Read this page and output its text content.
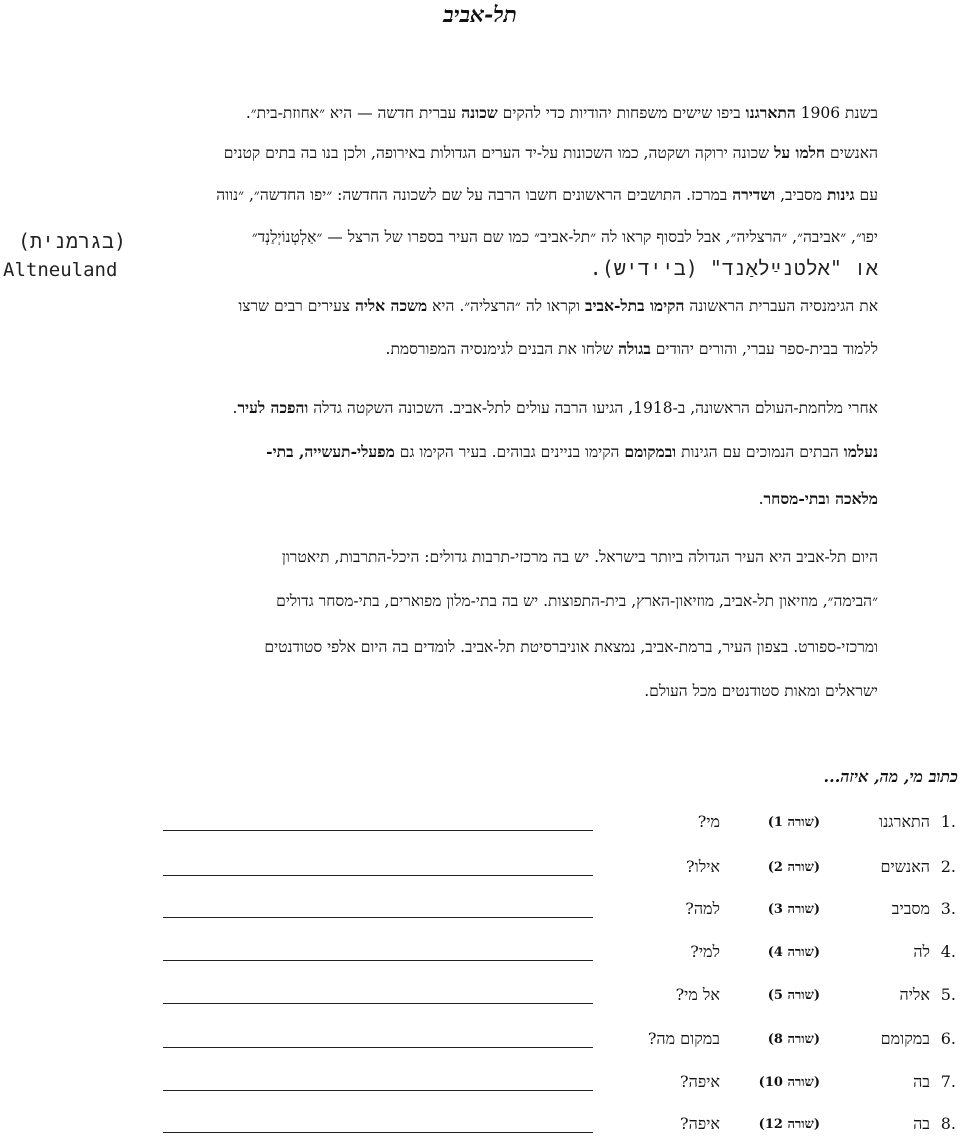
תל-אביב
בשנת 1906 התארגנו ביפו שישים משפחות יהודיות כדי להקים שכונה עברית חדשה — היא ״אחוזת-בית״.
האנשים חלמו על שכונה ירוקה ושקטה, כמו השכונות על-יד הערים הגדולות באירופה, ולכן בנו בה בתים קטנים
עם גינות מסביב, ושדירה במרכז. התושבים הראשונים חשבו הרבה על שם לשכונה החדשה: ״יפו החדשה״, ״נווה
יפו״, ״אביבה״, ״הרצליה״, אבל לבסוף קראו לה ״תל-אביב״ כמו שם העיר בספרו של הרצל — ״אַלְטְנוֹיְלַנְד״
(בגרמנית)
Altneuland	או "אלטנײַלאַנד" (ביידיש).
את הגימנסיה העברית הראשונה הקימו בתל-אביב וקראו לה ״הרצליה״. היא משכה אליה צעירים רבים שרצו
ללמוד בבית-ספר עברי, והורים יהודים בגולה שלחו את הבנים לגימנסיה המפורסמת.
אחרי מלחמת-העולם הראשונה, ב-1918, הגיעו הרבה עולים לתל-אביב. השכונה השקטה גדלה והפכה לעיר.
נעלמו הבתים הנמוכים עם הגינות ובמקומם הקימו בניינים גבוהים. בעיר הקימו גם מפעלי-תעשייה, בתי-
מלאכה ובתי-מסחר.
היום תל-אביב היא העיר הגדולה ביותר בישראל. יש בה מרכזי-תרבות גדולים: היכל-התרבות, תיאטרון
״הבימה״, מוזיאון תל-אביב, מוזיאון-הארץ, בית-התפוצות. יש בה בתי-מלון מפוארים, בתי-מסחר גדולים
ומרכזי-ספורט. בצפון העיר, ברמת-אביב, נמצאת אוניברסיטת תל-אביב. לומדים בה היום אלפי סטודנטים
ישראלים ומאות סטודנטים מכל העולם.
כתוב מי, מה, איזה...
.1
התארגנו
(שורה 1)
מי?
.2
האנשים
(שורה 2)
אילו?
.3
מסביב
(שורה 3)
למה?
.4
לה
(שורה 4)
למי?
.5
אליה
(שורה 5)
אל מי?
.6
במקומם
(שורה 8)
במקום מה?
.7
בה
(שורה 10)
איפה?
.8
בה
(שורה 12)
איפה?
